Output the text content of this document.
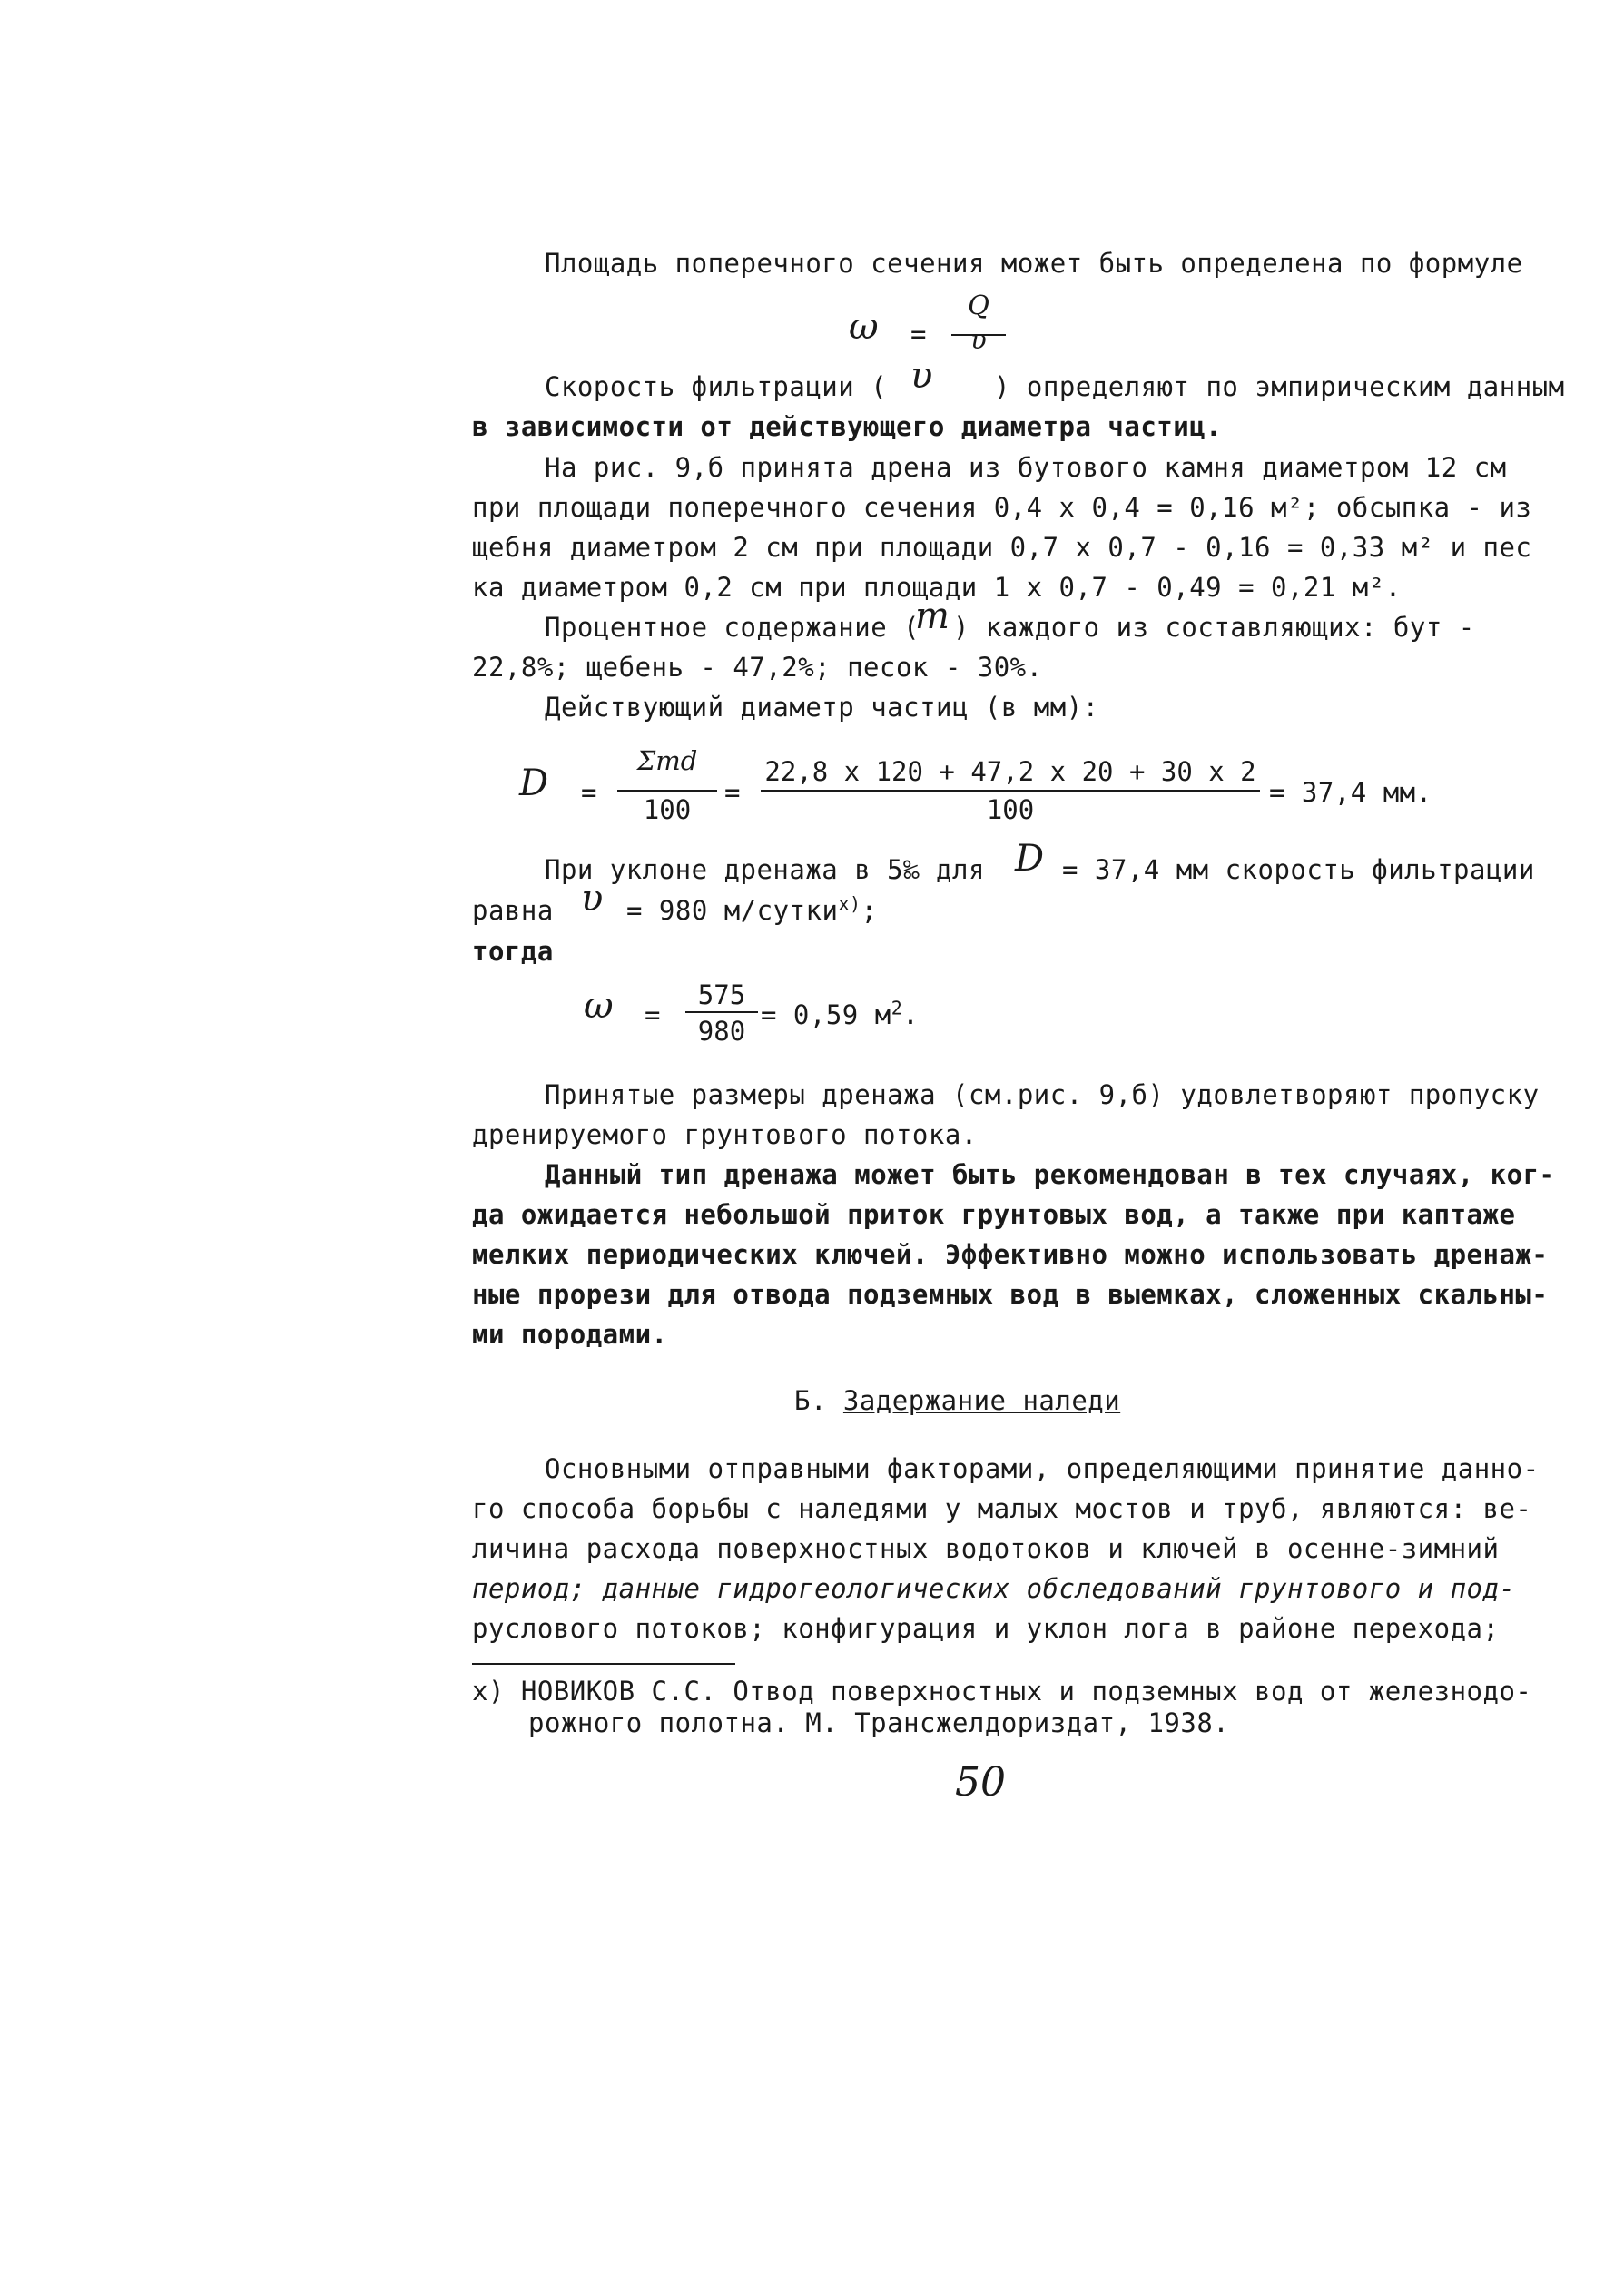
Площадь поперечного сечения может быть определена по формуле
ω =
Q
υ
Скорость фильтрации ( υ ) определяют по эмпирическим данным
в зависимости от действующего диаметра частиц.
На рис. 9,б принята дрена из бутового камня диаметром 12 см
при площади поперечного сечения 0,4 х 0,4 = 0,16 м²; обсыпка - из
щебня диаметром 2 см при площади 0,7 х 0,7 - 0,16 = 0,33 м² и пес
ка диаметром 0,2 см при площади 1 х 0,7 - 0,49 = 0,21 м².
Процентное содержание (
m ) каждого из составляющих: бут -
22,8%; щебень - 47,2%; песок - 30%.
Действующий диаметр частиц (в мм):
D =
Σmd
100
=
22,8 х 120 + 47,2 х 20 + 30 х 2
100
= 37,4 мм.
При уклоне дренажа в 5‰ для D = 37,4 мм скорость фильтрации
равна υ = 980 м/сутки$^{x)}$;
тогда
ω =
575
980
= 0,59 $м^2$.
Принятые размеры дренажа (см.рис. 9,б) удовлетворяют пропуску
дренируемого грунтового потока.
Данный тип дренажа может быть рекомендован в тех случаях, ког-
да ожидается небольшой приток грунтовых вод, а также при каптаже
мелких периодических ключей. Эффективно можно использовать дренаж-
ные прорези для отвода подземных вод в выемках, сложенных скальны-
ми породами.
Б. Задержание наледи
Основными отправными факторами, определяющими принятие данно-
го способа борьбы с наледями у малых мостов и труб, являются: ве-
личина расхода поверхностных водотоков и ключей в осенне-зимний
период; данные гидрогеологических обследований грунтового и под-
руслового потоков; конфигурация и уклон лога в районе перехода;
x) НОВИКОВ С.С. Отвод поверхностных и подземных вод от железнодо-
рожного полотна. М. Трансжелдориздат, 1938.
50
